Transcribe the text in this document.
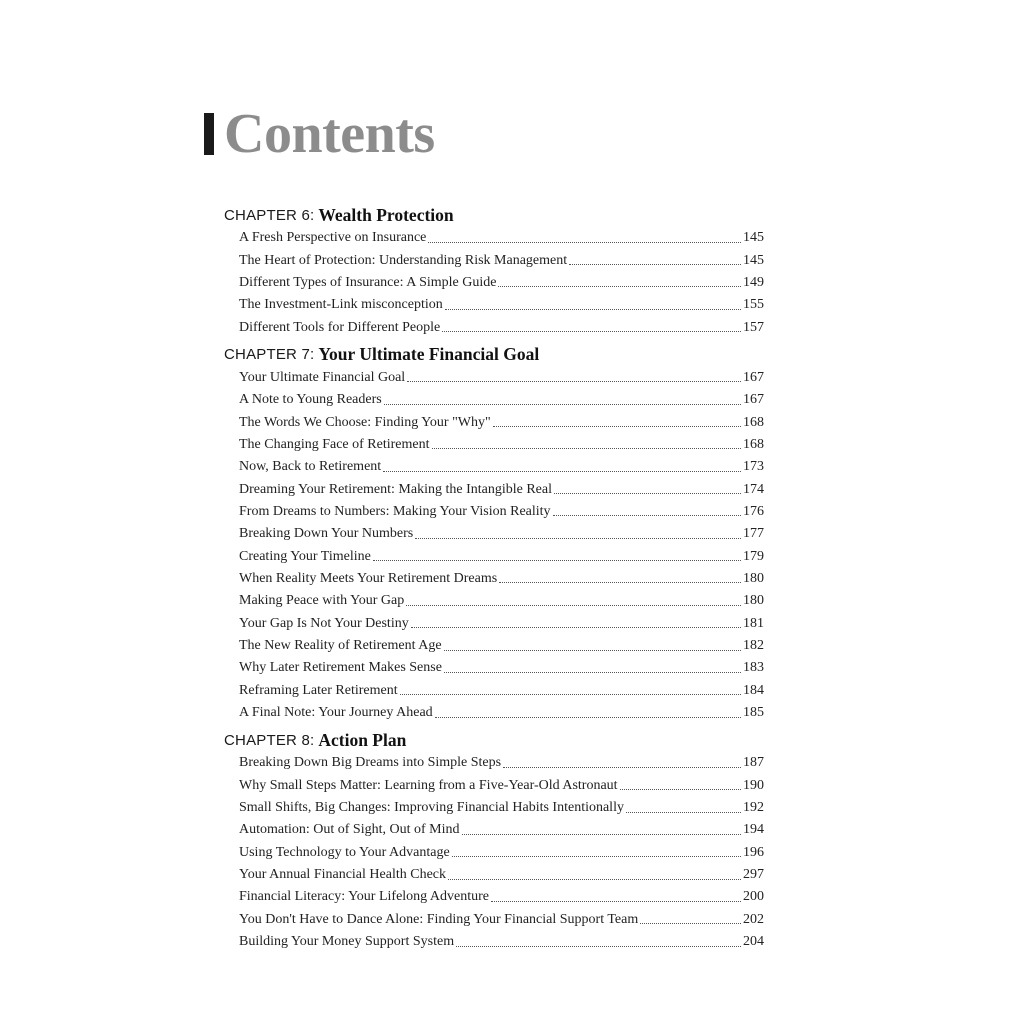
Contents
CHAPTER 6: Wealth Protection
A Fresh Perspective on Insurance	145
The Heart of Protection: Understanding Risk Management	145
Different Types of Insurance: A Simple Guide	149
The Investment-Link misconception	155
Different Tools for Different People	157
CHAPTER 7: Your Ultimate Financial Goal
Your Ultimate Financial Goal	167
A Note to Young Readers	167
The Words We Choose: Finding Your "Why"	168
The Changing Face of Retirement	168
Now, Back to Retirement	173
Dreaming Your Retirement: Making the Intangible Real	174
From Dreams to Numbers: Making Your Vision Reality	176
Breaking Down Your Numbers	177
Creating Your Timeline	179
When Reality Meets Your Retirement Dreams	180
Making Peace with Your Gap	180
Your Gap Is Not Your Destiny	181
The New Reality of Retirement Age	182
Why Later Retirement Makes Sense	183
Reframing Later Retirement	184
A Final Note: Your Journey Ahead	185
CHAPTER 8: Action Plan
Breaking Down Big Dreams into Simple Steps	187
Why Small Steps Matter: Learning from a Five-Year-Old Astronaut	190
Small Shifts, Big Changes: Improving Financial Habits Intentionally	192
Automation: Out of Sight, Out of Mind	194
Using Technology to Your Advantage	196
Your Annual Financial Health Check	297
Financial Literacy: Your Lifelong Adventure	200
You Don't Have to Dance Alone: Finding Your Financial Support Team	202
Building Your Money Support System	204
